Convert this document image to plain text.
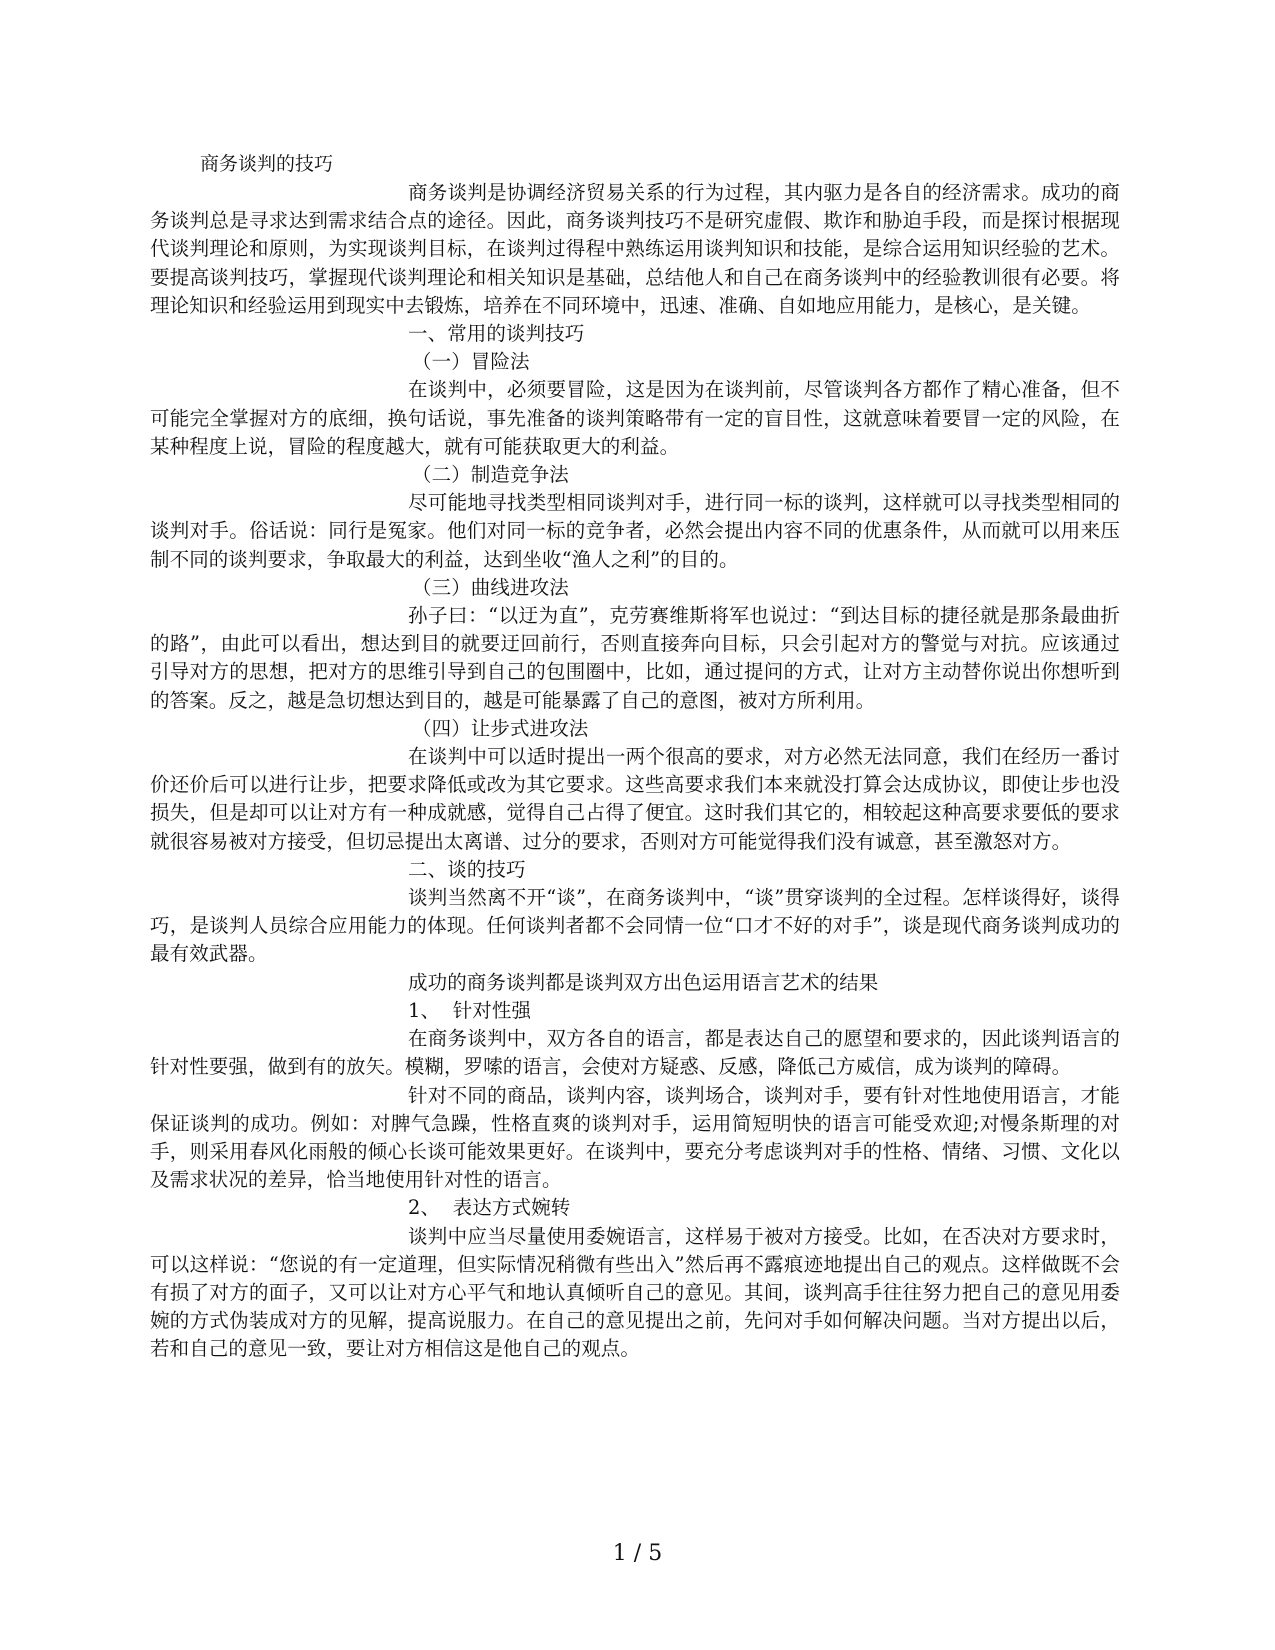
商务谈判的技巧

商务谈判是协调经济贸易关系的行为过程，其内驱力是各自的经济需求。成功的商务谈判总是寻求达到需求结合点的途径。因此，商务谈判技巧不是研究虚假、欺诈和胁迫手段，而是探讨根据现代谈判理论和原则，为实现谈判目标，在谈判过得程中熟练运用谈判知识和技能，是综合运用知识经验的艺术。要提高谈判技巧，掌握现代谈判理论和相关知识是基础，总结他人和自己在商务谈判中的经验教训很有必要。将理论知识和经验运用到现实中去锻炼，培养在不同环境中，迅速、准确、自如地应用能力，是核心，是关键。

一、常用的谈判技巧
（一）冒险法

在谈判中，必须要冒险，这是因为在谈判前，尽管谈判各方都作了精心准备，但不可能完全掌握对方的底细，换句话说，事先准备的谈判策略带有一定的盲目性，这就意味着要冒一定的风险，在某种程度上说，冒险的程度越大，就有可能获取更大的利益。

（二）制造竞争法

尽可能地寻找类型相同谈判对手，进行同一标的谈判，这样就可以寻找类型相同的谈判对手。俗话说：同行是冤家。他们对同一标的竞争者，必然会提出内容不同的优惠条件，从而就可以用来压制不同的谈判要求，争取最大的利益，达到坐收“渔人之利”的目的。

（三）曲线进攻法

孙子曰：“以迂为直”，克劳赛维斯将军也说过：“到达目标的捷径就是那条最曲折的路”，由此可以看出，想达到目的就要迂回前行，否则直接奔向目标，只会引起对方的警觉与对抗。应该通过引导对方的思想，把对方的思维引导到自己的包围圈中，比如，通过提问的方式，让对方主动替你说出你想听到的答案。反之，越是急切想达到目的，越是可能暴露了自己的意图，被对方所利用。

（四）让步式进攻法

在谈判中可以适时提出一两个很高的要求，对方必然无法同意，我们在经历一番讨价还价后可以进行让步，把要求降低或改为其它要求。这些高要求我们本来就没打算会达成协议，即使让步也没损失，但是却可以让对方有一种成就感，觉得自己占得了便宜。这时我们其它的，相较起这种高要求要低的要求就很容易被对方接受，但切忌提出太离谱、过分的要求，否则对方可能觉得我们没有诚意，甚至激怒对方。

二、谈的技巧

谈判当然离不开“谈”，在商务谈判中，“谈”贯穿谈判的全过程。怎样谈得好，谈得巧，是谈判人员综合应用能力的体现。任何谈判者都不会同情一位“口才不好的对手”，谈是现代商务谈判成功的最有效武器。

成功的商务谈判都是谈判双方出色运用语言艺术的结果
1、  针对性强

在商务谈判中，双方各自的语言，都是表达自己的愿望和要求的，因此谈判语言的针对性要强，做到有的放矢。模糊，罗嗦的语言，会使对方疑惑、反感，降低己方威信，成为谈判的障碍。

针对不同的商品，谈判内容，谈判场合，谈判对手，要有针对性地使用语言，才能保证谈判的成功。例如：对脾气急躁，性格直爽的谈判对手，运用简短明快的语言可能受欢迎;对慢条斯理的对手，则采用春风化雨般的倾心长谈可能效果更好。在谈判中，要充分考虑谈判对手的性格、情绪、习惯、文化以及需求状况的差异，恰当地使用针对性的语言。

2、  表达方式婉转

谈判中应当尽量使用委婉语言，这样易于被对方接受。比如，在否决对方要求时，可以这样说：“您说的有一定道理，但实际情况稍微有些出入”然后再不露痕迹地提出自己的观点。这样做既不会有损了对方的面子，又可以让对方心平气和地认真倾听自己的意见。其间，谈判高手往往努力把自己的意见用委婉的方式伪装成对方的见解，提高说服力。在自己的意见提出之前，先问对手如何解决问题。当对方提出以后，若和自己的意见一致，要让对方相信这是他自己的观点。

1 / 5
